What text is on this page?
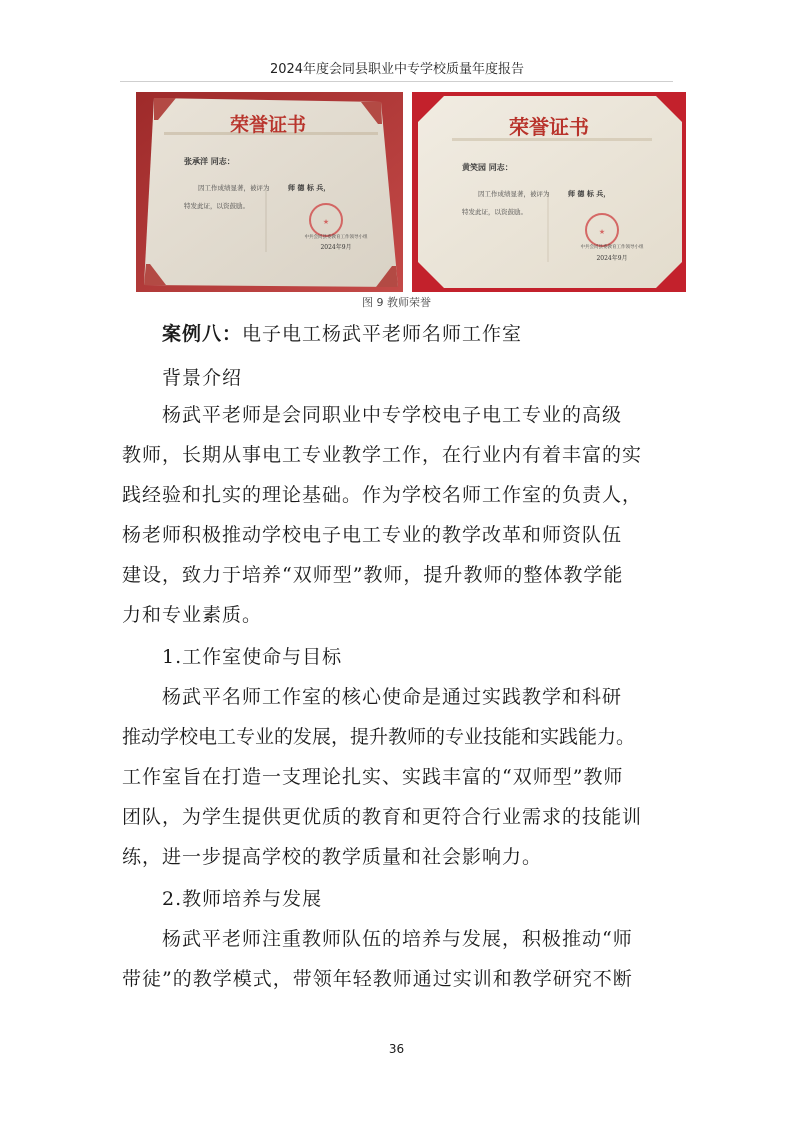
2024年度会同县职业中专学校质量年度报告
★
荣誉证书
张承洋 同志：
因工作成绩显著，被评为	师 德 标 兵，
特发此证，以资鼓励。
中共会同县委教育工作领导小组
2024年9月
★
荣誉证书
黄笑园 同志：
因工作成绩显著，被评为	师 德 标 兵，
特发此证，以资鼓励。
中共会同县委教育工作领导小组
2024年9月
图 9 教师荣誉
案例八：电子电工杨武平老师名师工作室
背景介绍
杨武平老师是会同职业中专学校电子电工专业的高级
教师，长期从事电工专业教学工作，在行业内有着丰富的实
践经验和扎实的理论基础。作为学校名师工作室的负责人，
杨老师积极推动学校电子电工专业的教学改革和师资队伍
建设，致力于培养“双师型”教师，提升教师的整体教学能
力和专业素质。
1.工作室使命与目标
杨武平名师工作室的核心使命是通过实践教学和科研
推动学校电工专业的发展，提升教师的专业技能和实践能力。
工作室旨在打造一支理论扎实、实践丰富的“双师型”教师
团队，为学生提供更优质的教育和更符合行业需求的技能训
练，进一步提高学校的教学质量和社会影响力。
2.教师培养与发展
杨武平老师注重教师队伍的培养与发展，积极推动“师
带徒”的教学模式，带领年轻教师通过实训和教学研究不断
36
